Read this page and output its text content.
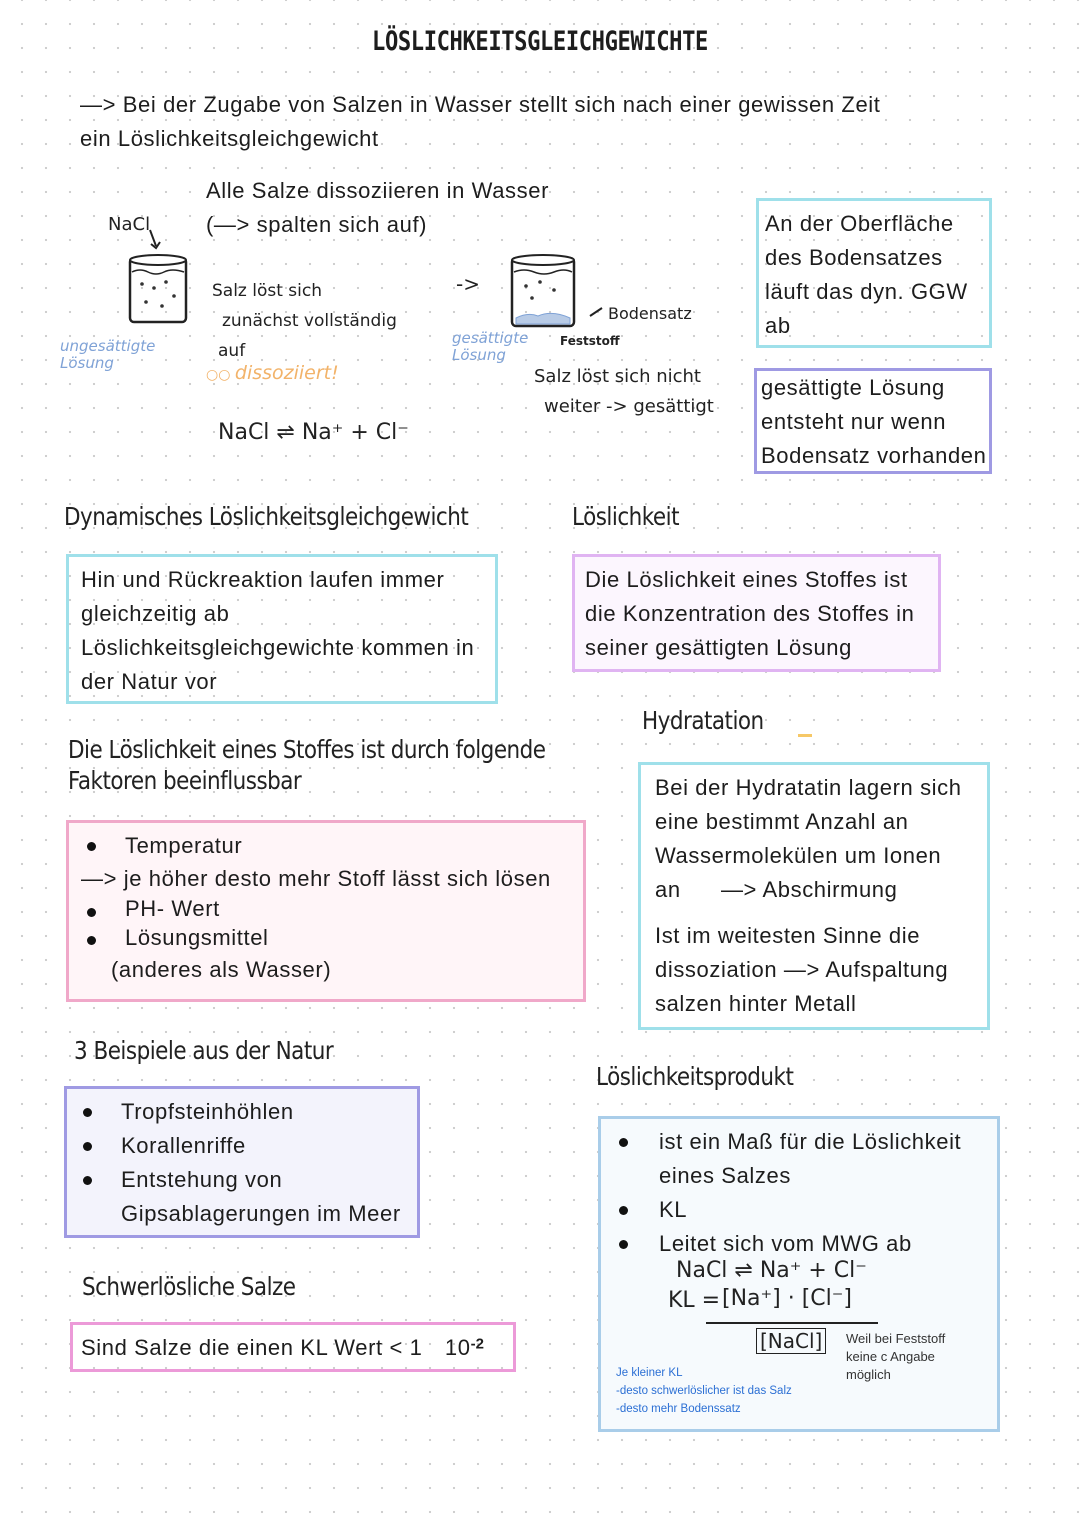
LÖSLICHKEITSGLEICHGEWICHTE
—> Bei der Zugabe von Salzen in Wasser stellt sich nach einer gewissen Zeit
ein Löslichkeitsgleichgewicht
Alle Salze dissoziieren in Wasser
(—> spalten sich auf)
NaCl
ungesättigte Lösung
Salz löst sich
zunächst vollständig
auf
○○ dissoziiert!
->
Bodensatz
Feststoff
gesättigte Lösung
Salz löst sich nicht
weiter -> gesättigt
NaCl ⇌ Na⁺ + Cl⁻
An der Oberfläche
des Bodensatzes
läuft das dyn. GGW
ab
gesättigte Lösung
entsteht nur wenn
Bodensatz vorhanden
Dynamisches Löslichkeitsgleichgewicht
Hin und Rückreaktion laufen immer
gleichzeitig ab
Löslichkeitsgleichgewichte kommen in
der Natur vor
Löslichkeit
Die Löslichkeit eines Stoffes ist
die Konzentration des Stoffes in
seiner gesättigten Lösung
Die Löslichkeit eines Stoffes ist durch folgende
Faktoren beeinflussbar
Temperatur
—> je höher desto mehr Stoff lässt sich lösen
PH- Wert
Lösungsmittel
(anderes als Wasser)
Hydratation
Bei der Hydratatin lagern sich
eine bestimmt Anzahl an
Wassermolekülen um Ionen
an      —> Abschirmung
Ist im weitesten Sinne die
dissoziation —> Aufspaltung
salzen hinter Metall
3 Beispiele aus der Natur
Tropfsteinhöhlen
Korallenriffe
Entstehung von
Gipsablagerungen im Meer
Löslichkeitsprodukt
ist ein Maß für die Löslichkeit
eines Salzes
KL
Leitet sich vom MWG ab
NaCl ⇌ Na⁺ + Cl⁻
KL = [Na⁺] · [Cl⁻]
[NaCl]	Weil bei Feststoff
keine c Angabe
möglich
Je kleiner KL
-desto schwerlöslicher ist das Salz
-desto mehr Bodenssatz
Schwerlösliche Salze
Sind Salze die einen KL Wert < 1 $10^{-2}$
